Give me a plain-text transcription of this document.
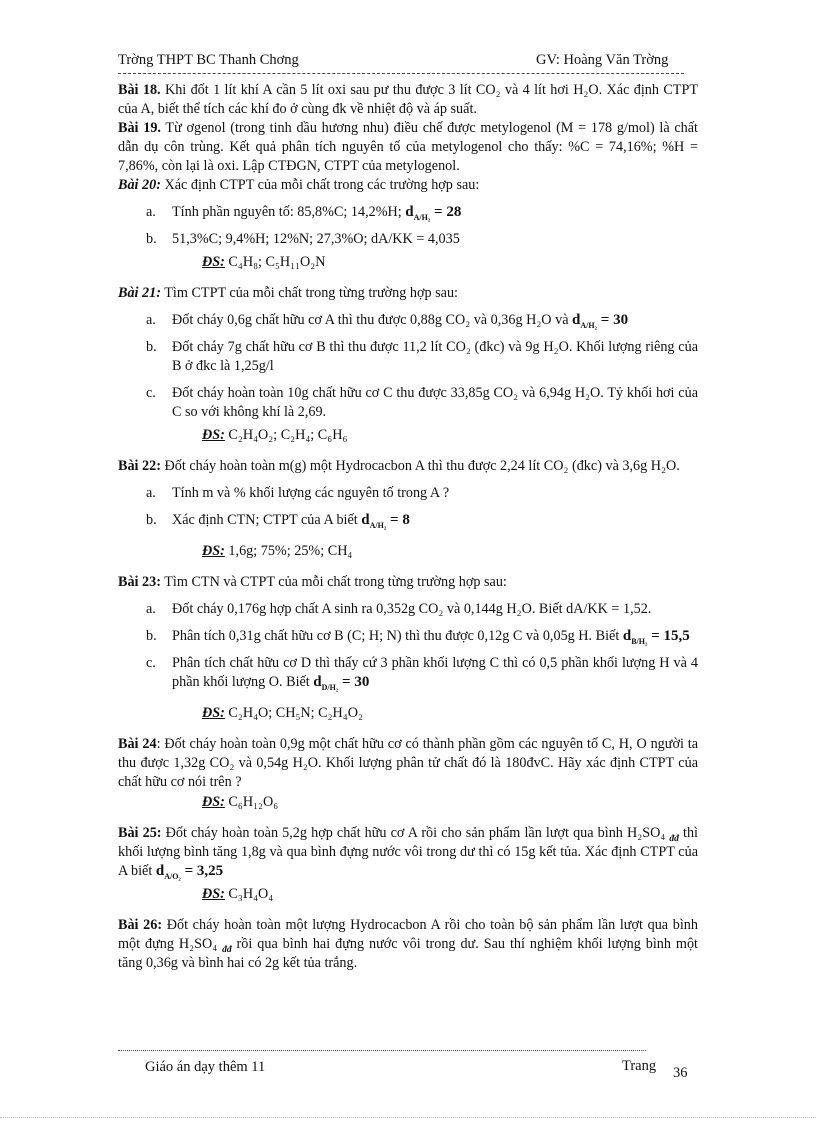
Trờng THPT BC Thanh Chơng	GV: Hoàng Văn Trờng

Bài 18. Khi đốt 1 lít khí A cần 5 lít oxi sau pư thu được 3 lít CO₂ và 4 lít hơi H₂O. Xác định CTPT của A, biết thể tích các khí đo ở cùng đk về nhiệt độ và áp suất.

Bài 19. Từ ơgenol (trong tinh dầu hương nhu) điều chế được metylogenol (M = 178 g/mol) là chất dẫn dụ côn trùng. Kết quả phân tích nguyên tố của metylogenol cho thấy: %C = 74,16%; %H = 7,86%, còn lại là oxi. Lập CTĐGN, CTPT của metylogenol.

Bài 20: Xác định CTPT của mỗi chất trong các trường hợp sau:

a. Tính phần nguyên tố: 85,8%C; 14,2%H; $d_{A/H_2} = 28$

b. 51,3%C; 9,4%H; 12%N; 27,3%O; dA/KK = 4,035

ĐS: C₄H₈; C₅H₁₁O₂N

Bài 21: Tìm CTPT của mỗi chất trong từng trường hợp sau:

a. Đốt cháy 0,6g chất hữu cơ A thì thu được 0,88g CO₂ và 0,36g H₂O và $d_{A/H_2} = 30$

b. Đốt cháy 7g chất hữu cơ B thì thu được 11,2 lít CO₂ (đkc) và 9g H₂O. Khối lượng riêng của B ở đkc là 1,25g/l

c. Đốt cháy hoàn toàn 10g chất hữu cơ C thu được 33,85g CO₂ và 6,94g H₂O. Tỷ khối hơi của C so với không khí là 2,69.

ĐS: C₂H₄O₂; C₂H₄; C₆H₆

Bài 22: Đốt cháy hoàn toàn m(g) một Hydrocacbon A thì thu được 2,24 lít CO₂ (đkc) và 3,6g H₂O.

a. Tính m và % khối lượng các nguyên tố trong A ?

b. Xác định CTN; CTPT của A biết $d_{A/H_2} = 8$

ĐS: 1,6g; 75%; 25%; CH₄

Bài 23: Tìm CTN và CTPT của mỗi chất trong từng trường hợp sau:

a. Đốt cháy 0,176g hợp chất A sinh ra 0,352g CO₂ và 0,144g H₂O. Biết dA/KK = 1,52.

b. Phân tích 0,31g chất hữu cơ B (C; H; N) thì thu được 0,12g C và 0,05g H. Biết $d_{B/H_2} = 15,5$

c. Phân tích chất hữu cơ D thì thấy cứ 3 phần khối lượng C thì có 0,5 phần khối lượng H và 4 phần khối lượng O. Biết $d_{D/H_2} = 30$

ĐS: C₂H₄O; CH₅N; C₂H₄O₂

Bài 24: Đốt cháy hoàn toàn 0,9g một chất hữu cơ có thành phần gồm các nguyên tố C, H, O người ta thu được 1,32g CO₂ và 0,54g H₂O. Khối lượng phân tử chất đó là 180đvC. Hãy xác định CTPT của chất hữu cơ nói trên ?

ĐS: C₆H₁₂O₆

Bài 25: Đốt cháy hoàn toàn 5,2g hợp chất hữu cơ A rồi cho sản phẩm lần lượt qua bình H₂SO₄ $_{đđ}$ thì khối lượng bình tăng 1,8g và qua bình đựng nước vôi trong dư thì có 15g kết tủa. Xác định CTPT của A biết $d_{A/O_2} = 3,25$

ĐS: C₃H₄O₄

Bài 26: Đốt cháy hoàn toàn một lượng Hydrocacbon A rồi cho toàn bộ sản phẩm lần lượt qua bình một đựng H₂SO₄ $_{đđ}$ rồi qua bình hai đựng nước vôi trong dư. Sau thí nghiệm khối lượng bình một tăng 0,36g và bình hai có 2g kết tủa trắng.

Giáo án dạy thêm 11	Trang 36
